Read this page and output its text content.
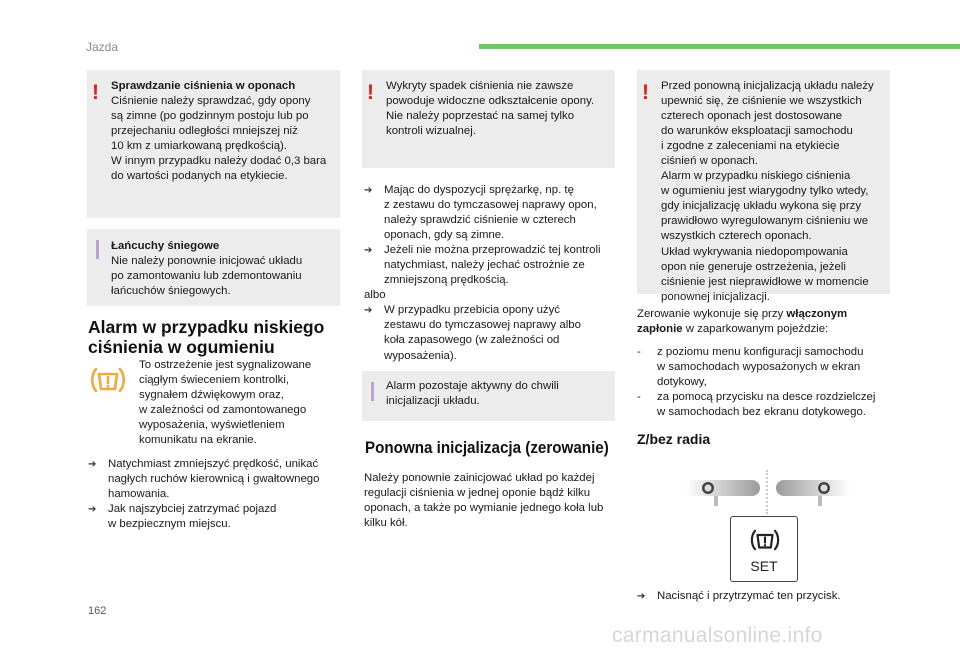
Jazda
! Sprawdzanie ciśnienia w oponach
Ciśnienie należy sprawdzać, gdy opony
są zimne (po godzinnym postoju lub po
przejechaniu odległości mniejszej niż
10 km z umiarkowaną prędkością).
W innym przypadku należy dodać 0,3 bara
do wartości podanych na etykiecie.
Łańcuchy śniegowe
Nie należy ponownie inicjować układu
po zamontowaniu lub zdemontowaniu
łańcuchów śniegowych.
Alarm w przypadku niskiego
ciśnienia w ogumieniu
To ostrzeżenie jest sygnalizowane
ciągłym świeceniem kontrolki,
sygnałem dźwiękowym oraz,
w zależności od zamontowanego
wyposażenia, wyświetleniem
komunikatu na ekranie.
➔	Natychmiast zmniejszyć prędkość, unikać
nagłych ruchów kierownicą i gwałtownego
hamowania.
➔	Jak najszybciej zatrzymać pojazd
w bezpiecznym miejscu.
! Wykryty spadek ciśnienia nie zawsze
powoduje widoczne odkształcenie opony.
Nie należy poprzestać na samej tylko
kontroli wizualnej.
➔	Mając do dyspozycji sprężarkę, np. tę
z zestawu do tymczasowej naprawy opon,
należy sprawdzić ciśnienie w czterech
oponach, gdy są zimne.
➔	Jeżeli nie można przeprowadzić tej kontroli
natychmiast, należy jechać ostrożnie ze
zmniejszoną prędkością.
albo
➔	W przypadku przebicia opony użyć
zestawu do tymczasowej naprawy albo
koła zapasowego (w zależności od
wyposażenia).
Alarm pozostaje aktywny do chwili
inicjalizacji układu.
Ponowna inicjalizacja (zerowanie)
Należy ponownie zainicjować układ po każdej
regulacji ciśnienia w jednej oponie bądź kilku
oponach, a także po wymianie jednego koła lub
kilku kół.
! Przed ponowną inicjalizacją układu należy
upewnić się, że ciśnienie we wszystkich
czterech oponach jest dostosowane
do warunków eksploatacji samochodu
i zgodne z zaleceniami na etykiecie
ciśnień w oponach.
Alarm w przypadku niskiego ciśnienia
w ogumieniu jest wiarygodny tylko wtedy,
gdy inicjalizację układu wykona się przy
prawidłowo wyregulowanym ciśnieniu we
wszystkich czterech oponach.
Układ wykrywania niedopompowania
opon nie generuje ostrzeżenia, jeżeli
ciśnienie jest nieprawidłowe w momencie
ponownej inicjalizacji.
Zerowanie wykonuje się przy włączonym
zapłonie w zaparkowanym pojeździe:
-	z poziomu menu konfiguracji samochodu
w samochodach wyposażonych w ekran
dotykowy,
-	za pomocą przycisku na desce rozdzielczej
w samochodach bez ekranu dotykowego.
Z/bez radia
SET
➔	Nacisnąć i przytrzymać ten przycisk.
162
carmanualsonline.info
